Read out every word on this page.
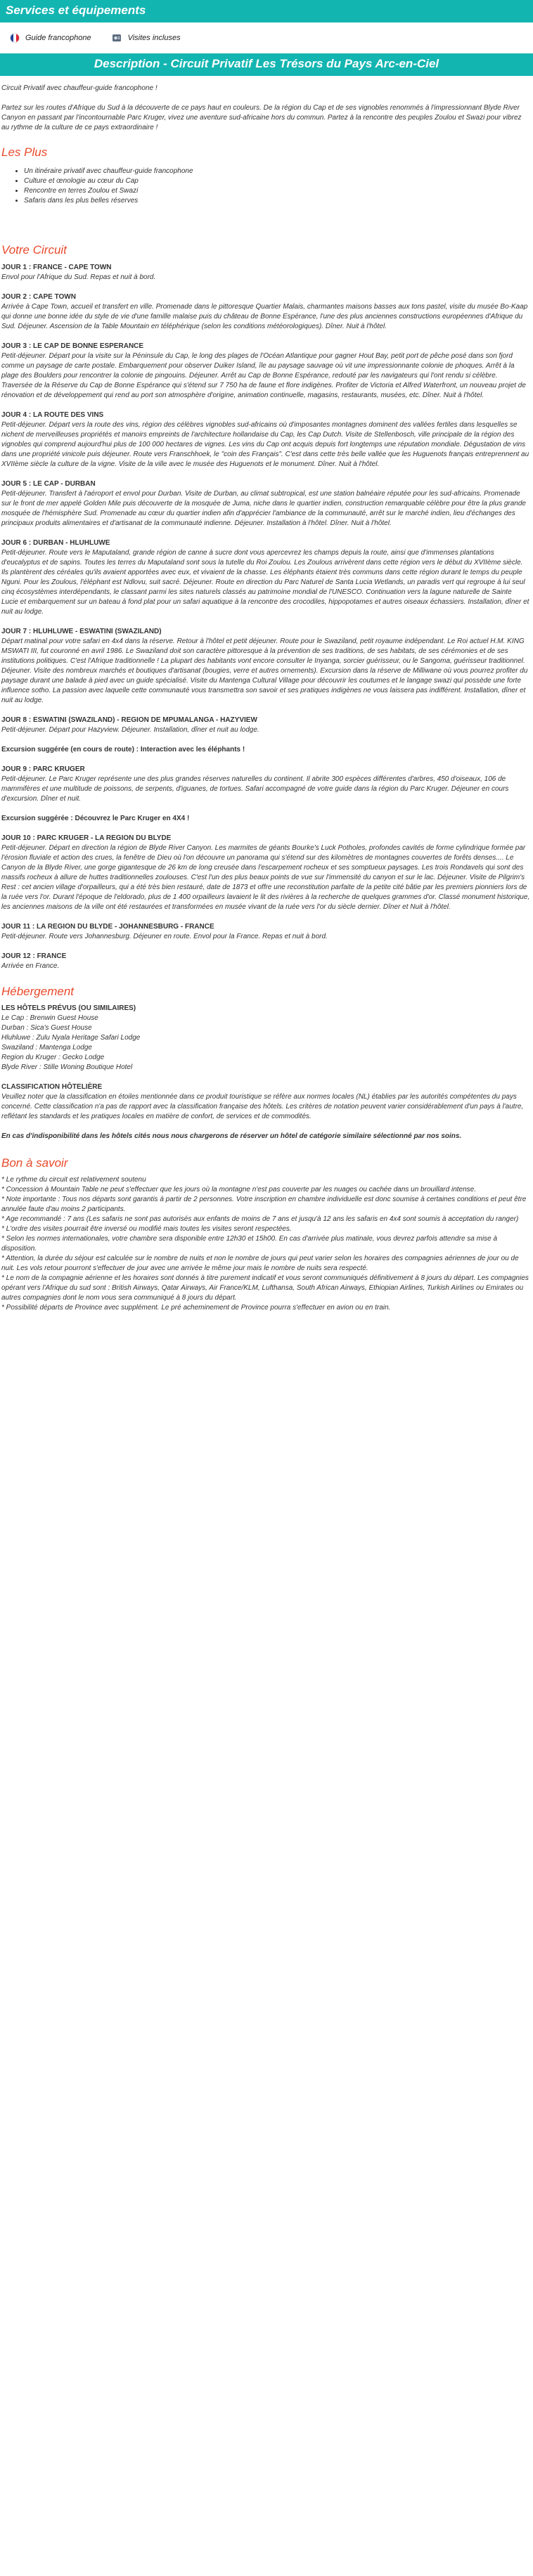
Services et équipements
Guide francophone	Visites incluses
Description - Circuit Privatif Les Trésors du Pays Arc-en-Ciel

Circuit Privatif avec chauffeur-guide francophone !

Partez sur les routes d'Afrique du Sud à la découverte de ce pays haut en couleurs. De la région du Cap et de ses vignobles renommés à l'impressionnant Blyde River Canyon en passant par l'incontournable Parc Kruger, vivez une aventure sud-africaine hors du commun. Partez à la rencontre des peuples Zoulou et Swazi pour vibrez au rythme de la culture de ce pays extraordinaire !

Les Plus
• Un itinéraire privatif avec chauffeur-guide francophone
• Culture et œnologie au cœur du Cap
• Rencontre en terres Zoulou et Swazi
• Safaris dans les plus belles réserves
Votre Circuit

JOUR 1 : FRANCE - CAPE TOWN

Envol pour l'Afrique du Sud. Repas et nuit à bord.

JOUR 2 : CAPE TOWN

Arrivée à Cape Town, accueil et transfert en ville. Promenade dans le pittoresque Quartier Malais, charmantes maisons basses aux tons pastel, visite du musée Bo-Kaap qui donne une bonne idée du style de vie d'une famille malaise puis du château de Bonne Espérance, l'une des plus anciennes constructions européennes d'Afrique du Sud. Déjeuner. Ascension de la Table Mountain en téléphérique (selon les conditions météorologiques). Dîner. Nuit à l'hôtel.

JOUR 3 : LE CAP DE BONNE ESPERANCE

Petit-déjeuner. Départ pour la visite sur la Péninsule du Cap, le long des plages de l'Océan Atlantique pour gagner Hout Bay, petit port de pêche posé dans son fjord comme un paysage de carte postale. Embarquement pour observer Duiker Island, île au paysage sauvage où vit une impressionnante colonie de phoques. Arrêt à la plage des Boulders pour rencontrer la colonie de pingouins. Déjeuner. Arrêt au Cap de Bonne Espérance, redouté par les navigateurs qui l'ont rendu si célèbre. Traversée de la Réserve du Cap de Bonne Espérance qui s'étend sur 7 750 ha de faune et flore indigènes. Profiter de Victoria et Alfred Waterfront, un nouveau projet de rénovation et de développement qui rend au port son atmosphère d'origine, animation continuelle, magasins, restaurants, musées, etc. Dîner. Nuit à l'hôtel.

JOUR 4 : LA ROUTE DES VINS

Petit-déjeuner. Départ vers la route des vins, région des célèbres vignobles sud-africains où d'imposantes montagnes dominent des vallées fertiles dans lesquelles se nichent de merveilleuses propriétés et manoirs empreints de l'architecture hollandaise du Cap, les Cap Dutch. Visite de Stellenbosch, ville principale de la région des vignobles qui comprend aujourd'hui plus de 100 000 hectares de vignes. Les vins du Cap ont acquis depuis fort longtemps une réputation mondiale. Dégustation de vins dans une propriété vinicole puis déjeuner. Route vers Franschhoek, le "coin des Français". C'est dans cette très belle vallée que les Huguenots français entreprennent au XVIIème siècle la culture de la vigne. Visite de la ville avec le musée des Huguenots et le monument. Dîner. Nuit à l'hôtel.

JOUR 5 : LE CAP - DURBAN

Petit-déjeuner. Transfert à l'aéroport et envol pour Durban. Visite de Durban, au climat subtropical, est une station balnéaire réputée pour les sud-africains. Promenade sur le front de mer appelé Golden Mile puis découverte de la mosquée de Juma, niche dans le quartier indien, construction remarquable célèbre pour être la plus grande mosquée de l'hémisphère Sud. Promenade au cœur du quartier indien afin d'apprécier l'ambiance de la communauté, arrêt sur le marché indien, lieu d'échanges des principaux produits alimentaires et d'artisanat de la communauté indienne. Déjeuner. Installation à l'hôtel. Dîner. Nuit à l'hôtel.

JOUR 6 : DURBAN - HLUHLUWE

Petit-déjeuner. Route vers le Maputaland, grande région de canne à sucre dont vous apercevrez les champs depuis la route, ainsi que d'immenses plantations d'eucalyptus et de sapins. Toutes les terres du Maputaland sont sous la tutelle du Roi Zoulou. Les Zoulous arrivèrent dans cette région vers le début du XVIIème siècle. Ils plantèrent des céréales qu'ils avaient apportées avec eux, et vivaient de la chasse. Les éléphants étaient très communs dans cette région durant le temps du peuple Nguni. Pour les Zoulous, l'éléphant est Ndlovu, suit sacré. Déjeuner. Route en direction du Parc Naturel de Santa Lucia Wetlands, un paradis vert qui regroupe à lui seul cinq écosystèmes interdépendants, le classant parmi les sites naturels classés au patrimoine mondial de l'UNESCO. Continuation vers la lagune naturelle de Sainte Lucie et embarquement sur un bateau à fond plat pour un safari aquatique à la rencontre des crocodiles, hippopotames et autres oiseaux échassiers. Installation, dîner et nuit au lodge.

JOUR 7 : HLUHLUWE - ESWATINI (SWAZILAND)

Départ matinal pour votre safari en 4x4 dans la réserve. Retour à l'hôtel et petit déjeuner. Route pour le Swaziland, petit royaume indépendant. Le Roi actuel H.M. KING MSWATI III, fut couronné en avril 1986. Le Swaziland doit son caractère pittoresque à la prévention de ses traditions, de ses habitats, de ses cérémonies et de ses institutions politiques. C'est l'Afrique traditionnelle ! La plupart des habitants vont encore consulter le Inyanga, sorcier guérisseur, ou le Sangoma, guérisseur traditionnel. Déjeuner. Visite des nombreux marchés et boutiques d'artisanat (bougies, verre et autres ornements). Excursion dans la réserve de Milliwane où vous pourrez profiter du paysage durant une balade à pied avec un guide spécialisé. Visite du Mantenga Cultural Village pour découvrir les coutumes et le langage swazi qui possède une forte influence sotho. La passion avec laquelle cette communauté vous transmettra son savoir et ses pratiques indigènes ne vous laissera pas indifférent. Installation, dîner et nuit au lodge.

JOUR 8 : ESWATINI (SWAZILAND) - REGION DE MPUMALANGA - HAZYVIEW

Petit-déjeuner. Départ pour Hazyview. Déjeuner. Installation, dîner et nuit au lodge.

Excursion suggérée (en cours de route) : Interaction avec les éléphants !

JOUR 9 : PARC KRUGER

Petit-déjeuner. Le Parc Kruger représente une des plus grandes réserves naturelles du continent. Il abrite 300 espèces différentes d'arbres, 450 d'oiseaux, 106 de mammifères et une multitude de poissons, de serpents, d'iguanes, de tortues. Safari accompagné de votre guide dans la région du Parc Kruger. Déjeuner en cours d'excursion. Dîner et nuit.

Excursion suggérée : Découvrez le Parc Kruger en 4X4 !

JOUR 10 : PARC KRUGER - LA REGION DU BLYDE

Petit-déjeuner. Départ en direction la région de Blyde River Canyon. Les marmites de géants Bourke's Luck Potholes, profondes cavités de forme cylindrique formée par l'érosion fluviale et action des crues, la fenêtre de Dieu où l'on découvre un panorama qui s'étend sur des kilomètres de montagnes couvertes de forêts denses.... Le Canyon de la Blyde River, une gorge gigantesque de 26 km de long creusée dans l'escarpement rocheux et ses somptueux paysages. Les trois Rondavels qui sont des massifs rocheux à allure de huttes traditionnelles zoulouses. C'est l'un des plus beaux points de vue sur l'immensité du canyon et sur le lac. Déjeuner. Visite de Pilgrim's Rest : cet ancien village d'orpailleurs, qui a été très bien restauré, date de 1873 et offre une reconstitution parfaite de la petite cité bâtie par les premiers pionniers lors de la ruée vers l'or. Durant l'époque de l'eldorado, plus de 1 400 orpailleurs lavaient le lit des rivières à la recherche de quelques grammes d'or. Classé monument historique, les anciennes maisons de la ville ont été restaurées et transformées en musée vivant de la ruée vers l'or du siècle dernier. Dîner et Nuit à l'hôtel.

JOUR 11 : LA REGION DU BLYDE - JOHANNESBURG - FRANCE

Petit-déjeuner. Route vers Johannesburg. Déjeuner en route. Envol pour la France. Repas et nuit à bord.

JOUR 12 : FRANCE

Arrivée en France.

Hébergement

LES HÔTELS PRÉVUS (OU SIMILAIRES)

Le Cap : Brenwin Guest House

Durban : Sica's Guest House

Hluhluwe : Zulu Nyala Heritage Safari Lodge

Swaziland : Mantenga Lodge

Region du Kruger : Gecko Lodge

Blyde River : Stille Woning Boutique Hotel

CLASSIFICATION HÔTELIÈRE

Veuillez noter que la classification en étoiles mentionnée dans ce produit touristique se réfère aux normes locales (NL) établies par les autorités compétentes du pays concerné. Cette classification n'a pas de rapport avec la classification française des hôtels. Les critères de notation peuvent varier considérablement d'un pays à l'autre, reflétant les standards et les pratiques locales en matière de confort, de services et de commodités.

En cas d'indisponibilité dans les hôtels cités nous nous chargerons de réserver un hôtel de catégorie similaire sélectionné par nos soins.

Bon à savoir

* Le rythme du circuit est relativement soutenu

* Concession à Mountain Table ne peut s'effectuer que les jours où la montagne n'est pas couverte par les nuages ou cachée dans un brouillard intense.

* Note importante : Tous nos départs sont garantis à partir de 2 personnes. Votre inscription en chambre individuelle est donc soumise à certaines conditions et peut être annulée faute d'au moins 2 participants.

* Age recommandé : 7 ans (Les safaris ne sont pas autorisés aux enfants de moins de 7 ans et jusqu'à 12 ans les safaris en 4x4 sont soumis à acceptation du ranger)

* L'ordre des visites pourrait être inversé ou modifié mais toutes les visites seront respectées.

* Selon les normes internationales, votre chambre sera disponible entre 12h30 et 15h00. En cas d'arrivée plus matinale, vous devrez parfois attendre sa mise à disposition.

* Attention, la durée du séjour est calculée sur le nombre de nuits et non le nombre de jours qui peut varier selon les horaires des compagnies aériennes de jour ou de nuit. Les vols retour pourront s'effectuer de jour avec une arrivée le même jour mais le nombre de nuits sera respecté.

* Le nom de la compagnie aérienne et les horaires sont donnés à titre purement indicatif et vous seront communiqués définitivement à 8 jours du départ. Les compagnies opérant vers l'Afrique du sud sont : British Airways, Qatar Airways, Air France/KLM, Lufthansa, South African Airways, Ethiopian Airlines, Turkish Airlines ou Emirates ou autres compagnies dont le nom vous sera communiqué à 8 jours du départ.

* Possibilité départs de Province avec supplément. Le pré acheminement de Province pourra s'effectuer en avion ou en train.
